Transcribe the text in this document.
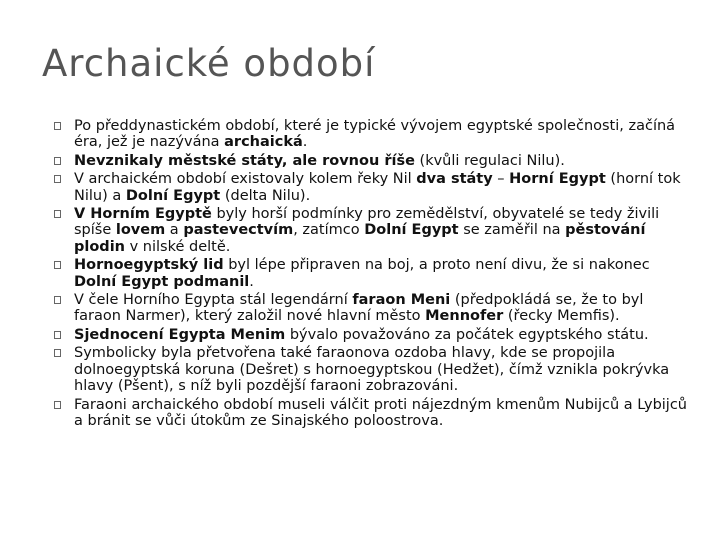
Archaické období
Po předdynastickém období, které je typické vývojem egyptské společnosti, začíná éra, jež je nazývána archaická.
Nevznikaly městské státy, ale rovnou říše (kvůli regulaci Nilu).
V archaickém období existovaly kolem řeky Nil dva státy – Horní Egypt (horní tok Nilu) a Dolní Egypt (delta Nilu).
V Horním Egyptě byly horší podmínky pro zemědělství, obyvatelé se tedy živili spíše lovem a pastevectvím, zatímco Dolní Egypt se zaměřil na pěstování plodin v nilské deltě.
Hornoegyptský lid byl lépe připraven na boj, a proto není divu, že si nakonec Dolní Egypt podmanil.
V čele Horního Egypta stál legendární faraon Meni (předpokládá se, že to byl faraon Narmer), který založil nové hlavní město Mennofer (řecky Memfis).
Sjednocení Egypta Menim bývalo považováno za počátek egyptského státu.
Symbolicky byla přetvořena také faraonova ozdoba hlavy, kde se propojila dolnoegyptská koruna (Dešret) s hornoegyptskou (Hedžet), čímž vznikla pokrývka hlavy (Pšent), s níž byli pozdější faraoni zobrazováni.
Faraoni archaického období museli válčit proti nájezdným kmenům Nubijců a Lybijců a bránit se vůči útokům ze Sinajského poloostrova.
